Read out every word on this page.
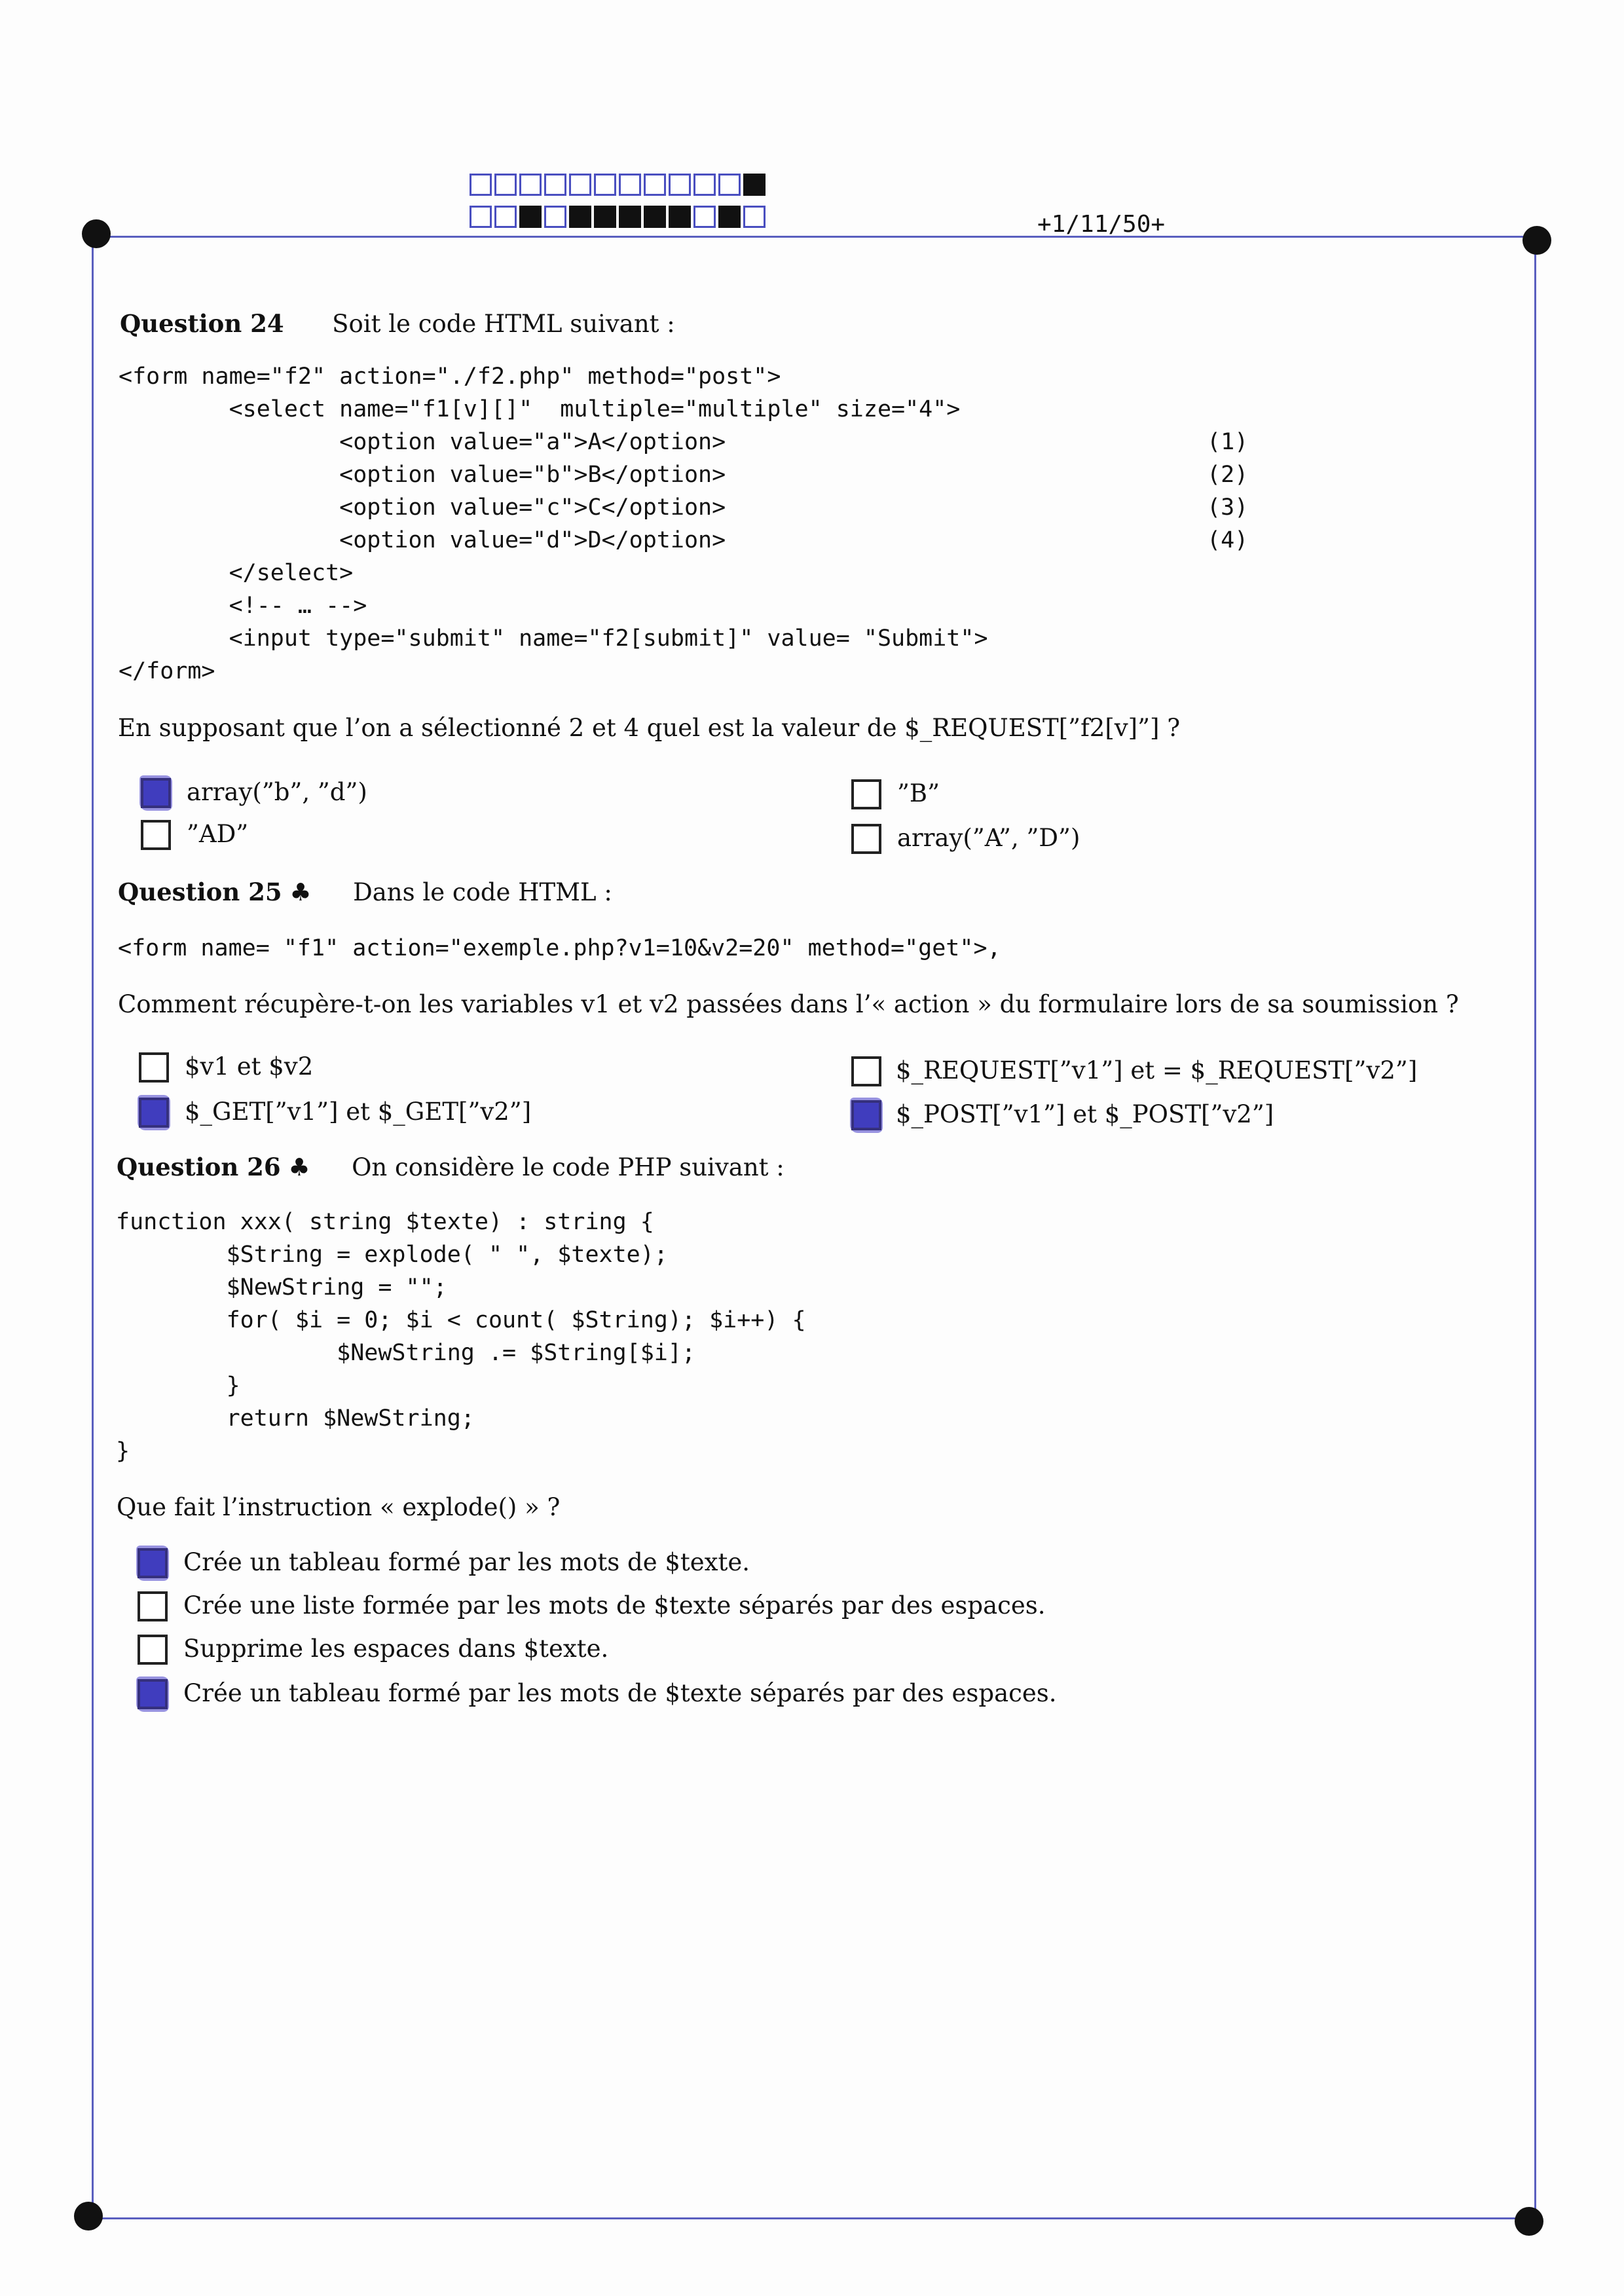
+1/11/50+
Question 24 Soit le code HTML suivant :
<form name="f2" action="./f2.php" method="post">
<select name="f1[v][]"  multiple="multiple" size="4">
<option value="a">A</option>
<option value="b">B</option>
<option value="c">C</option>
<option value="d">D</option>
</select>
<!-- … -->
<input type="submit" name="f2[submit]" value= "Submit">
</form>
(1)
(2)
(3)
(4)
En supposant que l’on a sélectionné 2 et 4 quel est la valeur de $_REQUEST[”f2[v]”] ?
array(”b”, ”d”)	”B”
”AD”	array(”A”, ”D”)
Question 25 ♣ Dans le code HTML :
<form name= "f1" action="exemple.php?v1=10&v2=20" method="get">,
Comment récupère-t-on les variables v1 et v2 passées dans l’« action » du formulaire lors de sa soumission ?
$v1 et $v2	$_REQUEST[”v1”] et = $_REQUEST[”v2”]
$_GET[”v1”] et $_GET[”v2”]	$_POST[”v1”] et $_POST[”v2”]
Question 26 ♣ On considère le code PHP suivant :
function xxx( string $texte) : string {
$String = explode( " ", $texte);
$NewString = "";
for( $i = 0; $i < count( $String); $i++) {
$NewString .= $String[$i];
}
return $NewString;
}
Que fait l’instruction « explode() » ?
Crée un tableau formé par les mots de $texte.
Crée une liste formée par les mots de $texte séparés par des espaces.
Supprime les espaces dans $texte.
Crée un tableau formé par les mots de $texte séparés par des espaces.
